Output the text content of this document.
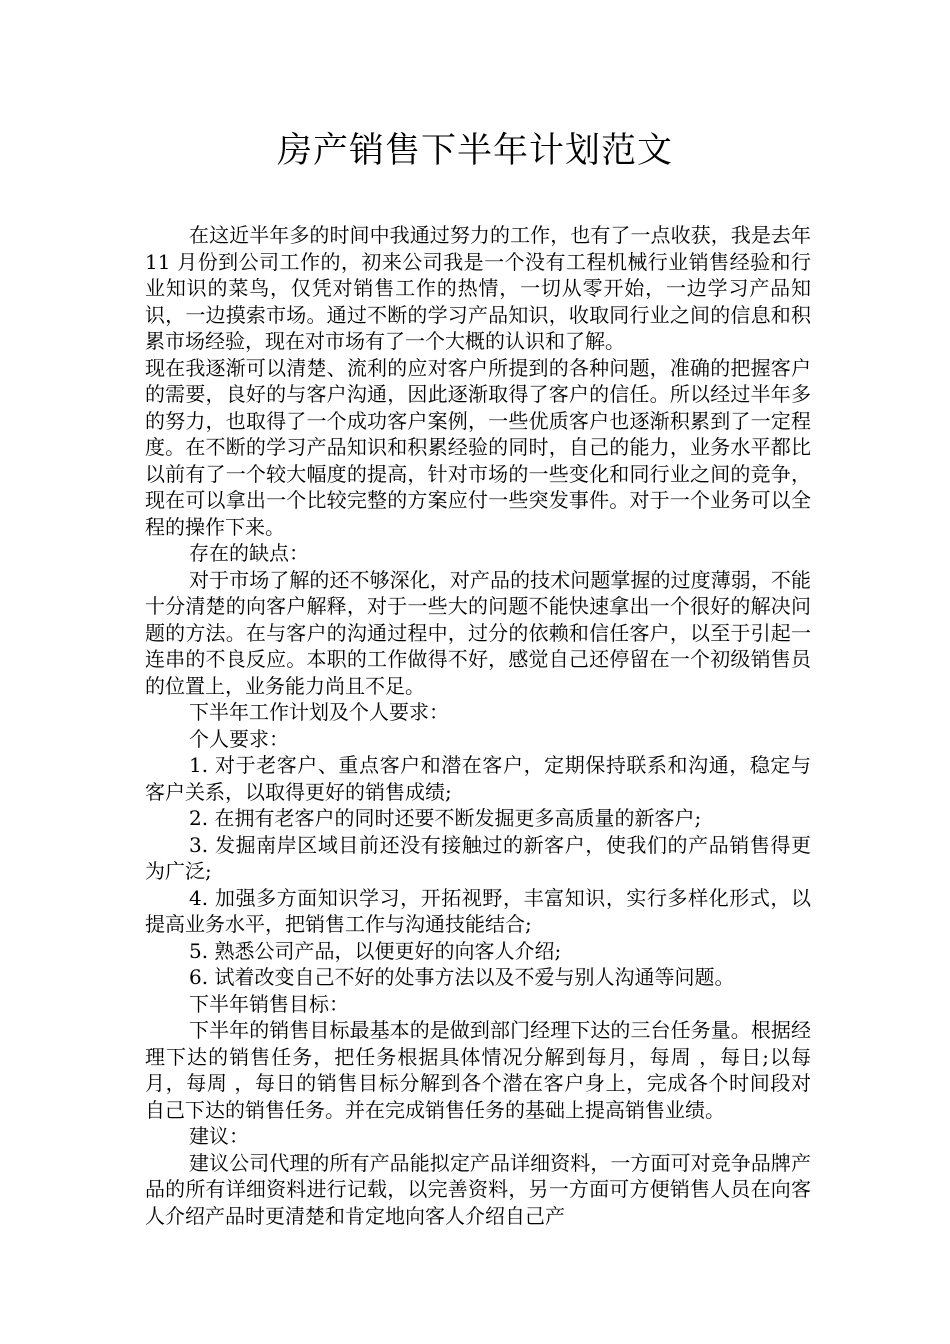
房产销售下半年计划范文

在这近半年多的时间中我通过努力的工作，也有了一点收获，我是去年 11 月份到公司工作的，初来公司我是一个没有工程机械行业销售经验和行业知识的菜鸟，仅凭对销售工作的热情，一切从零开始，一边学习产品知识，一边摸索市场。通过不断的学习产品知识，收取同行业之间的信息和积累市场经验，现在对市场有了一个大概的认识和了解。

现在我逐渐可以清楚、流利的应对客户所提到的各种问题，准确的把握客户的需要，良好的与客户沟通，因此逐渐取得了客户的信任。所以经过半年多的努力，也取得了一个成功客户案例，一些优质客户也逐渐积累到了一定程度。在不断的学习产品知识和积累经验的同时，自己的能力，业务水平都比以前有了一个较大幅度的提高，针对市场的一些变化和同行业之间的竞争，现在可以拿出一个比较完整的方案应付一些突发事件。对于一个业务可以全程的操作下来。

存在的缺点：

对于市场了解的还不够深化，对产品的技术问题掌握的过度薄弱，不能十分清楚的向客户解释，对于一些大的问题不能快速拿出一个很好的解决问题的方法。在与客户的沟通过程中，过分的依赖和信任客户，以至于引起一连串的不良反应。本职的工作做得不好，感觉自己还停留在一个初级销售员的位置上，业务能力尚且不足。

下半年工作计划及个人要求：

个人要求：

1. 对于老客户、重点客户和潜在客户，定期保持联系和沟通，稳定与客户关系，以取得更好的销售成绩;

2. 在拥有老客户的同时还要不断发掘更多高质量的新客户;

3. 发掘南岸区域目前还没有接触过的新客户，使我们的产品销售得更为广泛;

4. 加强多方面知识学习，开拓视野，丰富知识，实行多样化形式，以提高业务水平，把销售工作与沟通技能结合;

5. 熟悉公司产品，以便更好的向客人介绍;

6. 试着改变自己不好的处事方法以及不爱与别人沟通等问题。

下半年销售目标：

下半年的销售目标最基本的是做到部门经理下达的三台任务量。根据经理下达的销售任务，把任务根据具体情况分解到每月，每周 ，每日;以每月，每周 ，每日的销售目标分解到各个潜在客户身上，完成各个时间段对自己下达的销售任务。并在完成销售任务的基础上提高销售业绩。

建议：

建议公司代理的所有产品能拟定产品详细资料，一方面可对竞争品牌产品的所有详细资料进行记载，以完善资料，另一方面可方便销售人员在向客人介绍产品时更清楚和肯定地向客人介绍自己产
